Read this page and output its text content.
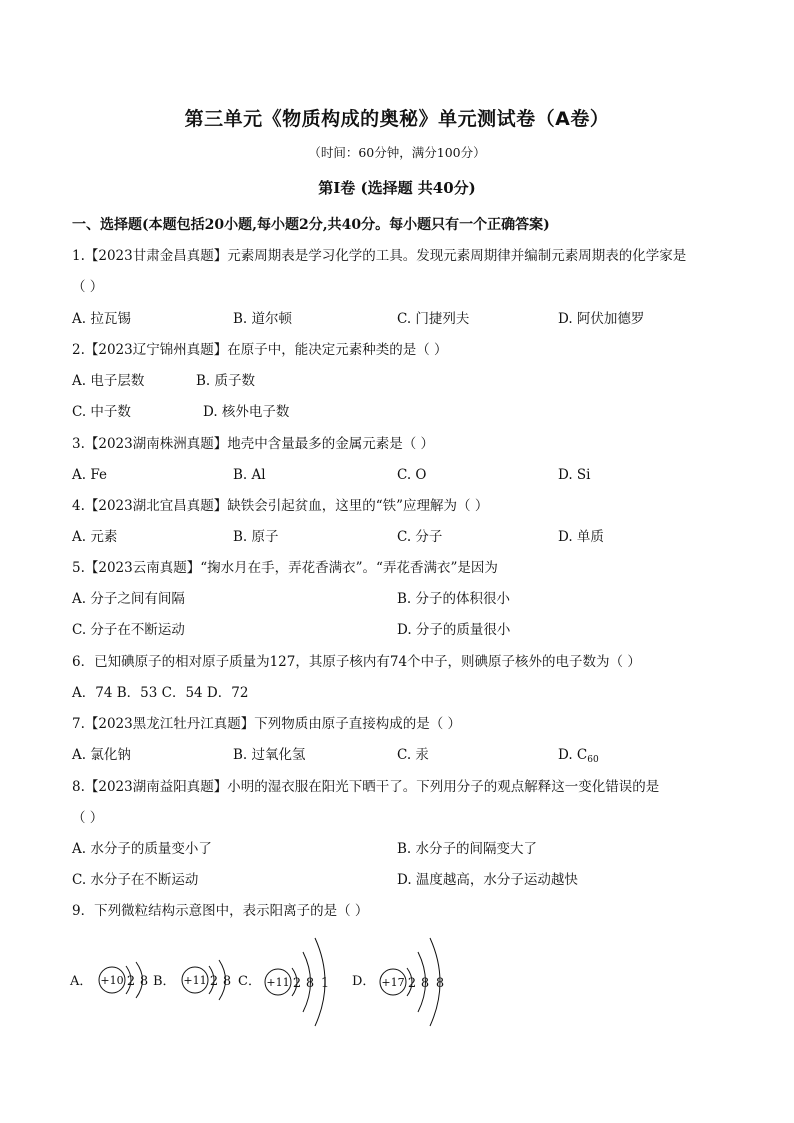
第三单元《物质构成的奥秘》单元测试卷（A卷）
（时间：60分钟，满分100分）
第I卷 (选择题 共40分)
一、选择题(本题包括20小题,每小题2分,共40分。每小题只有一个正确答案)
1.【2023甘肃金昌真题】元素周期表是学习化学的工具。发现元素周期律并编制元素周期表的化学家是
（ ）
A. 拉瓦锡	B. 道尔顿	C. 门捷列夫	D. 阿伏加德罗
2.【2023辽宁锦州真题】在原子中，能决定元素种类的是（ ）
A. 电子层数	B. 质子数
C. 中子数	D. 核外电子数
3.【2023湖南株洲真题】地壳中含量最多的金属元素是（ ）
A. Fe	B. Al	C. O	D. Si
4.【2023湖北宜昌真题】缺铁会引起贫血，这里的“铁”应理解为（ ）
A. 元素	B. 原子	C. 分子	D. 单质
5.【2023云南真题】“掬水月在手，弄花香满衣”。“弄花香满衣”是因为
A. 分子之间有间隔	B. 分子的体积很小
C. 分子在不断运动	D. 分子的质量很小
6．已知碘原子的相对原子质量为127，其原子核内有74个中子，则碘原子核外的电子数为（ ）
A．74 B．53 C．54 D．72
7.【2023黑龙江牡丹江真题】下列物质由原子直接构成的是（ ）
A. 氯化钠	B. 过氧化氢	C. 汞	D. $C_{60}$
8.【2023湖南益阳真题】小明的湿衣服在阳光下晒干了。下列用分子的观点解释这一变化错误的是
（ ）
A. 水分子的质量变小了	B. 水分子的间隔变大了
C. 水分子在不断运动	D. 温度越高，水分子运动越快
9．下列微粒结构示意图中，表示阳离子的是（ ）
A． +10 2 8 B． +11 2 8 C． +11 2 8 1 D． +17 2 8 8
